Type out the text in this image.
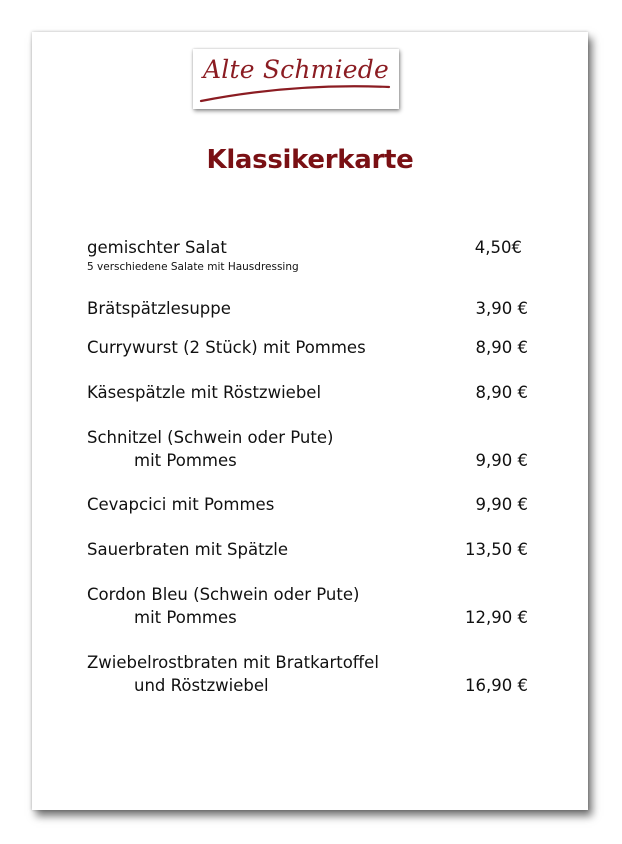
Alte Schmiede
Klassikerkarte
gemischter Salat	4,50€
5 verschiedene Salate mit Hausdressing
Brätspätzlesuppe	3,90 €
Currywurst (2 Stück) mit Pommes	8,90 €
Käsespätzle mit Röstzwiebel	8,90 €
Schnitzel (Schwein oder Pute)
mit Pommes	9,90 €
Cevapcici mit Pommes	9,90 €
Sauerbraten mit Spätzle	13,50 €
Cordon Bleu (Schwein oder Pute)
mit Pommes	12,90 €
Zwiebelrostbraten mit Bratkartoffel
und Röstzwiebel	16,90 €
